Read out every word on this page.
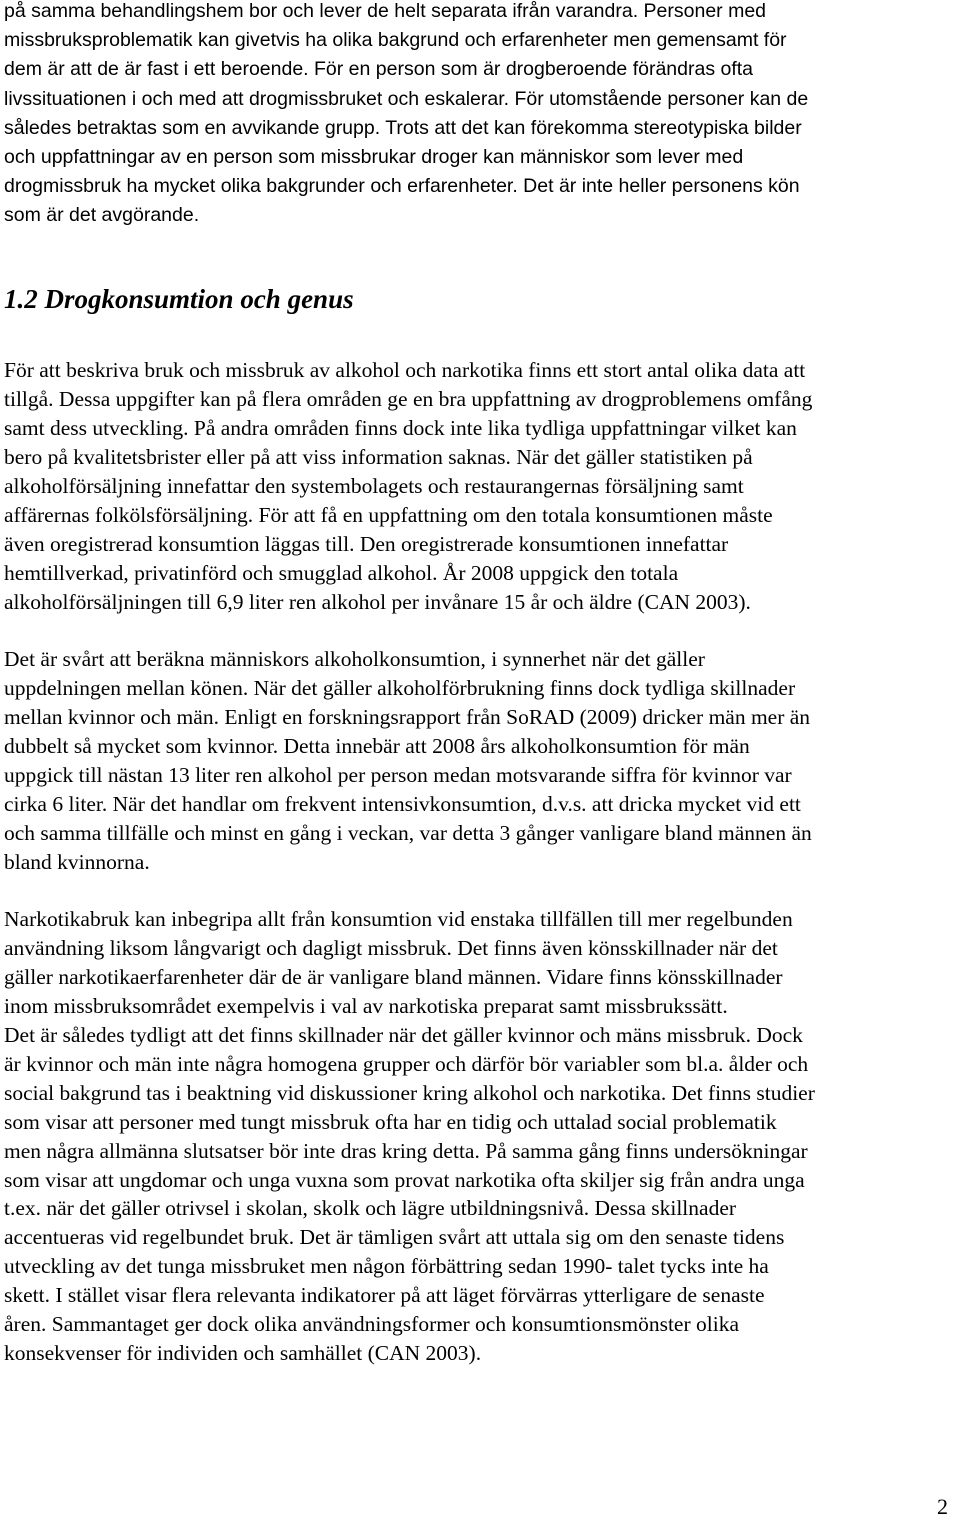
1.2 Drogkonsumtion och genus
2
på samma behandlingshem bor och lever de helt separata ifrån varandra. Personer med
missbruksproblematik kan givetvis ha olika bakgrund och erfarenheter men gemensamt för
dem är att de är fast i ett beroende. För en person som är drogberoende förändras ofta
livssituationen i och med att drogmissbruket och eskalerar. För utomstående personer kan de
således betraktas som en avvikande grupp. Trots att det kan förekomma stereotypiska bilder
och uppfattningar av en person som missbrukar droger kan människor som lever med
drogmissbruk ha mycket olika bakgrunder och erfarenheter. Det är inte heller personens kön
som är det avgörande.
För att beskriva bruk och missbruk av alkohol och narkotika finns ett stort antal olika data att
tillgå. Dessa uppgifter kan på flera områden ge en bra uppfattning av drogproblemens omfång
samt dess utveckling. På andra områden finns dock inte lika tydliga uppfattningar vilket kan
bero på kvalitetsbrister eller på att viss information saknas. När det gäller statistiken på
alkoholförsäljning innefattar den systembolagets och restaurangernas försäljning samt
affärernas folkölsförsäljning. För att få en uppfattning om den totala konsumtionen måste
även oregistrerad konsumtion läggas till. Den oregistrerade konsumtionen innefattar
hemtillverkad, privatinförd och smugglad alkohol. År 2008 uppgick den totala
alkoholförsäljningen till 6,9 liter ren alkohol per invånare 15 år och äldre (CAN 2003).
Det är svårt att beräkna människors alkoholkonsumtion, i synnerhet när det gäller
uppdelningen mellan könen. När det gäller alkoholförbrukning finns dock tydliga skillnader
mellan kvinnor och män. Enligt en forskningsrapport från SoRAD (2009) dricker män mer än
dubbelt så mycket som kvinnor. Detta innebär att 2008 års alkoholkonsumtion för män
uppgick till nästan 13 liter ren alkohol per person medan motsvarande siffra för kvinnor var
cirka 6 liter. När det handlar om frekvent intensivkonsumtion, d.v.s. att dricka mycket vid ett
och samma tillfälle och minst en gång i veckan, var detta 3 gånger vanligare bland männen än
bland kvinnorna.
Narkotikabruk kan inbegripa allt från konsumtion vid enstaka tillfällen till mer regelbunden
användning liksom långvarigt och dagligt missbruk. Det finns även könsskillnader när det
gäller narkotikaerfarenheter där de är vanligare bland männen. Vidare finns könsskillnader
inom missbruksområdet exempelvis i val av narkotiska preparat samt missbrukssätt.
Det är således tydligt att det finns skillnader när det gäller kvinnor och mäns missbruk. Dock
är kvinnor och män inte några homogena grupper och därför bör variabler som bl.a. ålder och
social bakgrund tas i beaktning vid diskussioner kring alkohol och narkotika. Det finns studier
som visar att personer med tungt missbruk ofta har en tidig och uttalad social problematik
men några allmänna slutsatser bör inte dras kring detta. På samma gång finns undersökningar
som visar att ungdomar och unga vuxna som provat narkotika ofta skiljer sig från andra unga
t.ex. när det gäller otrivsel i skolan, skolk och lägre utbildningsnivå. Dessa skillnader
accentueras vid regelbundet bruk. Det är tämligen svårt att uttala sig om den senaste tidens
utveckling av det tunga missbruket men någon förbättring sedan 1990- talet tycks inte ha
skett. I stället visar flera relevanta indikatorer på att läget förvärras ytterligare de senaste
åren. Sammantaget ger dock olika användningsformer och konsumtionsmönster olika
konsekvenser för individen och samhället (CAN 2003).
